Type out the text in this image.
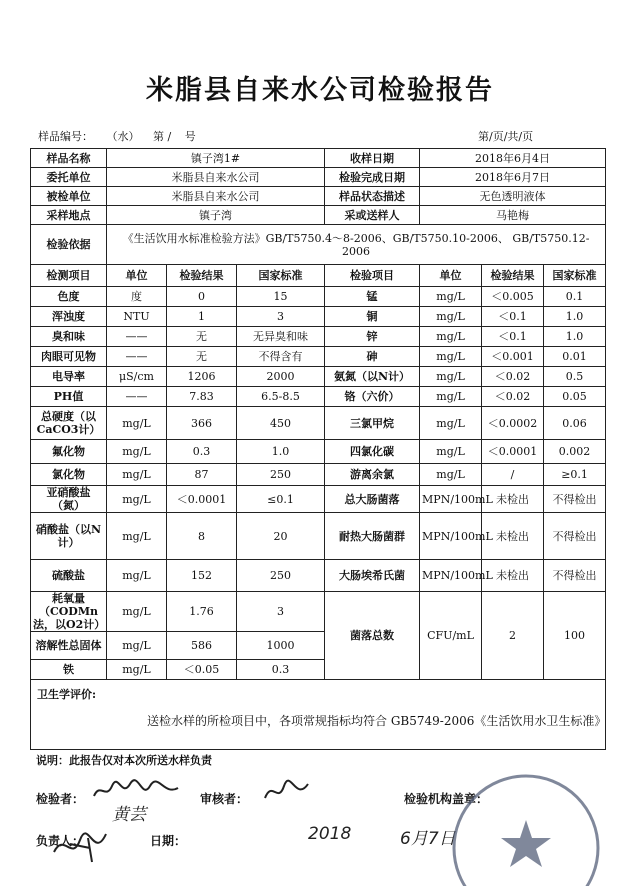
米脂县自来水公司检验报告
样品编号： （水） 第 / 号	第/页/共/页
样品名称	镇子湾1#			收样日期	2018年6月4日		
委托单位	米脂县自来水公司			检验完成日期	2018年6月7日		
被检单位	米脂县自来水公司			样品状态描述	无色透明液体		
采样地点	镇子湾			采或送样人	马艳梅		
检验依据	《生活饮用水标准检验方法》GB/T5750.4～8-2006、GB/T5750.10-2006、 GB/T5750.12-2006						
检测项目	单位	检验结果	国家标准	检验项目	单位	检验结果	国家标准
色度	度	0	15	锰	mg/L	＜0.005	0.1
浑浊度	NTU	1	3	铜	mg/L	＜0.1	1.0
臭和味	——	无	无异臭和味	锌	mg/L	＜0.1	1.0
肉眼可见物	——	无	不得含有	砷	mg/L	＜0.001	0.01
电导率	μS/cm	1206	2000	氨氮（以N计）	mg/L	＜0.02	0.5
PH值	——	7.83	6.5-8.5	铬（六价）	mg/L	＜0.02	0.05
总硬度（以CaCO3计）	mg/L	366	450	三氯甲烷	mg/L	＜0.0002	0.06
氟化物	mg/L	0.3	1.0	四氯化碳	mg/L	＜0.0001	0.002
氯化物	mg/L	87	250	游离余氯	mg/L	/	≥0.1
亚硝酸盐（氮）	mg/L	＜0.0001	≤0.1	总大肠菌落	MPN/100mL	未检出	不得检出
硝酸盐（以N计）	mg/L	8	20	耐热大肠菌群	MPN/100mL	未检出	不得检出
硫酸盐	mg/L	152	250	大肠埃希氏菌	MPN/100mL	未检出	不得检出
耗氧量（CODMn法，以O2计）	mg/L	1.76	3	菌落总数	CFU/mL	2	100
溶解性总固体	mg/L	586	1000				
铁	mg/L	＜0.05	0.3				

卫生学评价:
送检水样的所检项目中，各项常规指标均符合 GB5749-2006《生活饮用水卫生标准》							
说明：此报告仅对本次所送水样负责
检验者：
黄芸
审核者：	检验机构盖章：
负责人：	日期：	2018	6月7日
